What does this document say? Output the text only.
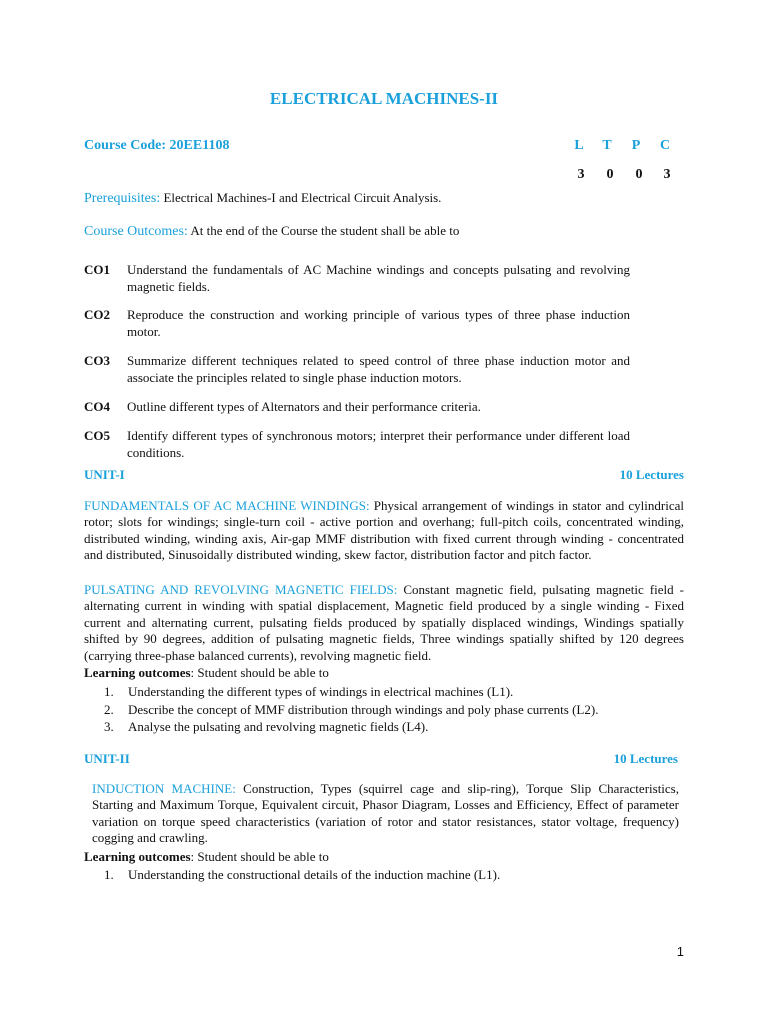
ELECTRICAL MACHINES-II
Course Code: 20EE1108	L	T	P	C
3	0	0	3
Prerequisites: Electrical Machines-I and Electrical Circuit Analysis.
Course Outcomes: At the end of the Course the student shall be able to
CO1 Understand the fundamentals of AC Machine windings and concepts pulsating and revolving magnetic fields.
CO2 Reproduce the construction and working principle of various types of three phase induction motor.
CO3 Summarize different techniques related to speed control of three phase induction motor and associate the principles related to single phase induction motors.
CO4 Outline different types of Alternators and their performance criteria.
CO5 Identify different types of synchronous motors; interpret their performance under different load conditions.
UNIT-I	10 Lectures
FUNDAMENTALS OF AC MACHINE WINDINGS: Physical arrangement of windings in stator and cylindrical rotor; slots for windings; single-turn coil - active portion and overhang; full-pitch coils, concentrated winding, distributed winding, winding axis, Air-gap MMF distribution with fixed current through winding - concentrated and distributed, Sinusoidally distributed winding, skew factor, distribution factor and pitch factor.
PULSATING AND REVOLVING MAGNETIC FIELDS: Constant magnetic field, pulsating magnetic field - alternating current in winding with spatial displacement, Magnetic field produced by a single winding - Fixed current and alternating current, pulsating fields produced by spatially displaced windings, Windings spatially shifted by 90 degrees, addition of pulsating magnetic fields, Three windings spatially shifted by 120 degrees (carrying three-phase balanced currents), revolving magnetic field.
Learning outcomes: Student should be able to
1. Understanding the different types of windings in electrical machines (L1).
2. Describe the concept of MMF distribution through windings and poly phase currents (L2).
3. Analyse the pulsating and revolving magnetic fields (L4).
UNIT-II	10 Lectures
INDUCTION MACHINE: Construction, Types (squirrel cage and slip-ring), Torque Slip Characteristics, Starting and Maximum Torque, Equivalent circuit, Phasor Diagram, Losses and Efficiency, Effect of parameter variation on torque speed characteristics (variation of rotor and stator resistances, stator voltage, frequency) cogging and crawling.
Learning outcomes: Student should be able to
1. Understanding the constructional details of the induction machine (L1).
1
